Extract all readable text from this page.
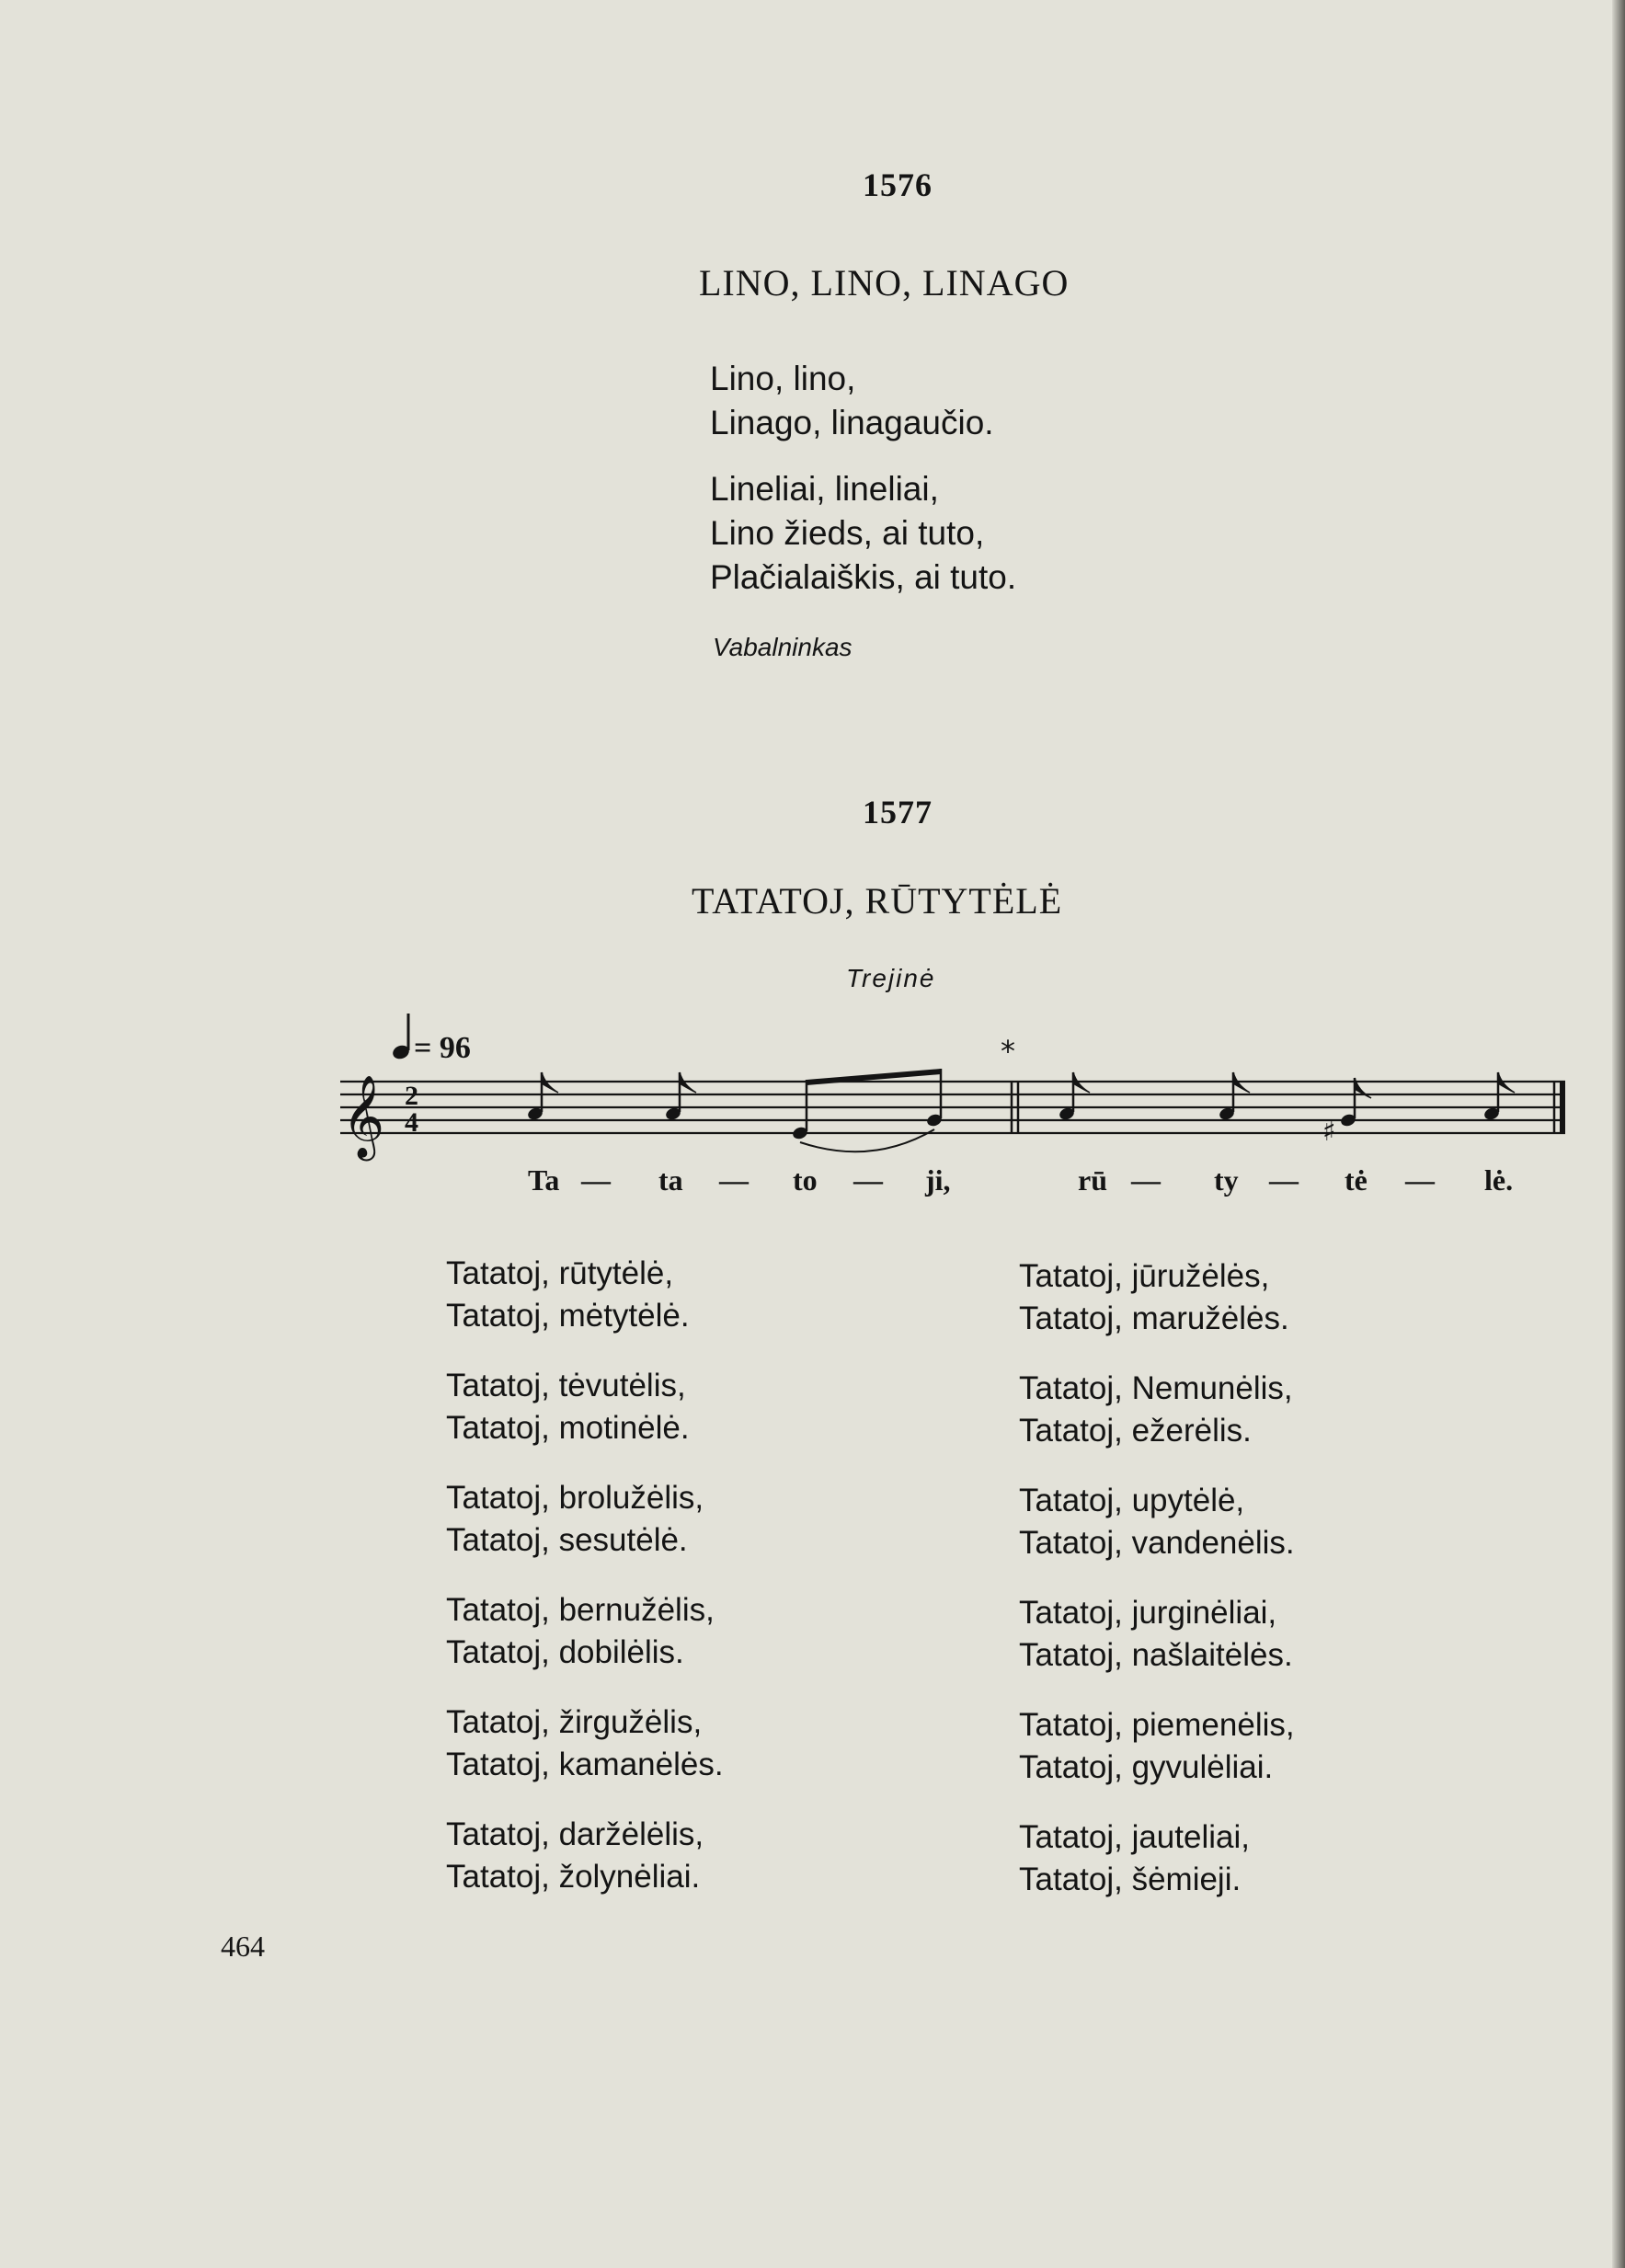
1576
LINO, LINO, LINAGO
Lino, lino,
Linago, linagaučio.
Lineliai, lineliai,
Lino žieds, ai tuto,
Plačialaiškis, ai tuto.
Vabalninkas
1577
TATATOJ, RŪTYTĖLĖ
Trejinė
𝄞
= 96
2
4
*
♯
Ta — ta — to — ji,	rū — ty — tė — lė.
Tatatoj, rūtytėlė,
Tatatoj, mėtytėlė.
Tatatoj, tėvutėlis,
Tatatoj, motinėlė.
Tatatoj, brolužėlis,
Tatatoj, sesutėlė.
Tatatoj, bernužėlis,
Tatatoj, dobilėlis.
Tatatoj, žirgužėlis,
Tatatoj, kamanėlės.
Tatatoj, daržėlėlis,
Tatatoj, žolynėliai.
Tatatoj, jūružėlės,
Tatatoj, maružėlės.
Tatatoj, Nemunėlis,
Tatatoj, ežerėlis.
Tatatoj, upytėlė,
Tatatoj, vandenėlis.
Tatatoj, jurginėliai,
Tatatoj, našlaitėlės.
Tatatoj, piemenėlis,
Tatatoj, gyvulėliai.
Tatatoj, jauteliai,
Tatatoj, šėmieji.
464
